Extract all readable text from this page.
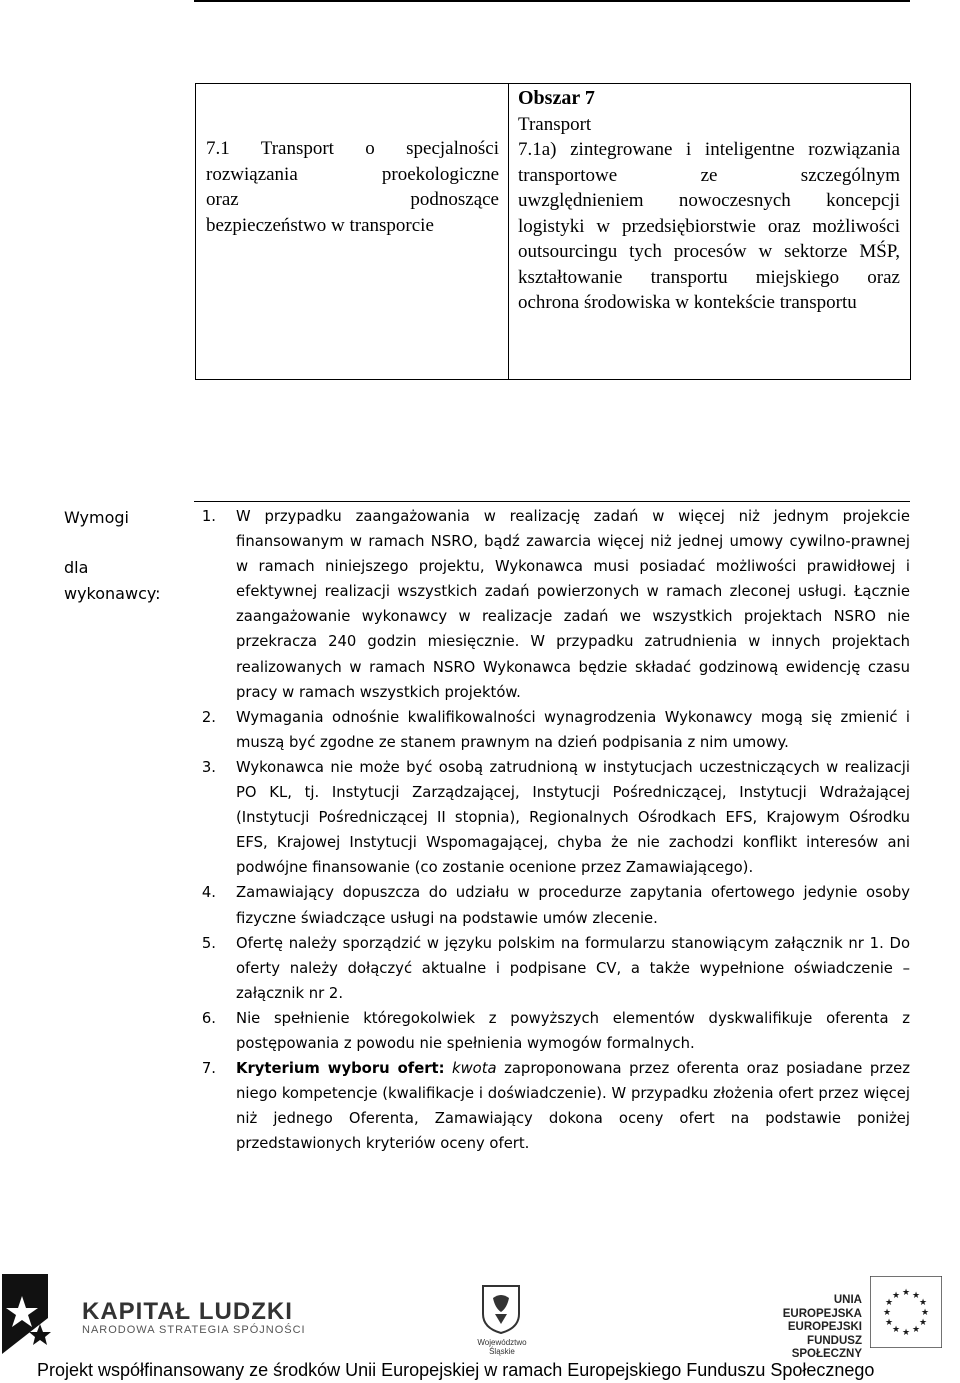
7.1 Transport o specjalności
rozwiązania proekologiczne
oraz podnoszące
bezpieczeństwo w transporcie
Obszar 7
Transport
7.1a) zintegrowane i inteligentne rozwiązania
transportowe ze szczególnym
uwzględnieniem nowoczesnych koncepcji
logistyki w przedsiębiorstwie oraz możliwości
outsourcingu tych procesów w sektorze MŚP,
kształtowanie transportu miejskiego oraz
ochrona środowiska w kontekście transportu
Wymogi
dla
wykonawcy:
1. W przypadku zaangażowania w realizację zadań w więcej niż jednym projekcie finansowanym w ramach NSRO, bądź zawarcia więcej niż jednej umowy cywilno-prawnej w ramach niniejszego projektu, Wykonawca musi posiadać możliwości prawidłowej i efektywnej realizacji wszystkich zadań powierzonych w ramach zleconej usługi. Łącznie zaangażowanie wykonawcy w realizacje zadań we wszystkich projektach NSRO nie przekracza 240 godzin miesięcznie. W przypadku zatrudnienia w innych projektach realizowanych w ramach NSRO Wykonawca będzie składać godzinową ewidencję czasu pracy w ramach wszystkich projektów.
2. Wymagania odnośnie kwalifikowalności wynagrodzenia Wykonawcy mogą się zmienić i muszą być zgodne ze stanem prawnym na dzień podpisania z nim umowy.
3. Wykonawca nie może być osobą zatrudnioną w instytucjach uczestniczących w realizacji PO KL, tj. Instytucji Zarządzającej, Instytucji Pośredniczącej, Instytucji Wdrażającej (Instytucji Pośredniczącej II stopnia), Regionalnych Ośrodkach EFS, Krajowym Ośrodku EFS, Krajowej Instytucji Wspomagającej, chyba że nie zachodzi konflikt interesów ani podwójne finansowanie (co zostanie ocenione przez Zamawiającego).
4. Zamawiający dopuszcza do udziału w procedurze zapytania ofertowego jedynie osoby fizyczne świadczące usługi na podstawie umów zlecenie.
5. Ofertę należy sporządzić w języku polskim na formularzu stanowiącym załącznik nr 1. Do oferty należy dołączyć aktualne i podpisane CV, a także wypełnione oświadczenie – załącznik nr 2.
6. Nie spełnienie któregokolwiek z powyższych elementów dyskwalifikuje oferenta z postępowania z powodu nie spełnienia wymogów formalnych.
7. Kryterium wyboru ofert: kwota zaproponowana przez oferenta oraz posiadane przez niego kompetencje (kwalifikacje i doświadczenie). W przypadku złożenia ofert przez więcej niż jednego Oferenta, Zamawiający dokona oceny ofert na podstawie poniżej przedstawionych kryteriów oceny ofert.
KAPITAŁ LUDZKI
NARODOWA STRATEGIA SPÓJNOŚCI
Województwo
Śląskie
UNIA EUROPEJSKA
EUROPEJSKI
FUNDUSZ SPOŁECZNY
★ ★
★
★
★
★
★
★
★
★
★
★
Projekt współfinansowany ze środków Unii Europejskiej w ramach Europejskiego Funduszu Społecznego
